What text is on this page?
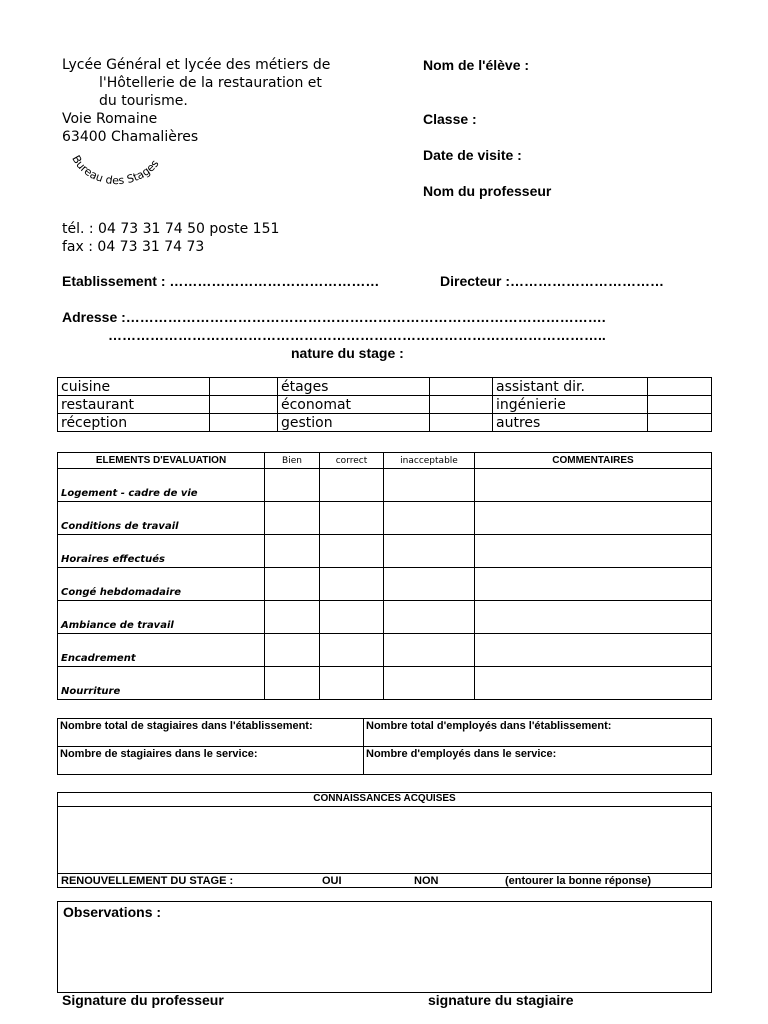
Lycée Général et lycée des métiers de
l'Hôtellerie de la restauration et
du tourisme.
Voie Romaine
63400 Chamalières
Bureau des Stages
tél. : 04 73 31 74 50 poste 151
fax : 04 73 31 74 73
Nom de l'élève :
Classe :
Date de visite :
Nom du professeur
Etablissement : ………………………………………	Directeur :……………………………
Adresse :………………………………………………………………………………………….
……………………………………………………………………………………………..
nature du stage :
cuisine		étages		assistant dir.	
restaurant		économat		ingénierie	
réception		gestion		autres	
ELEMENTS D'EVALUATION	Bien	correct	inacceptable	COMMENTAIRES
Logement - cadre de vie				
Conditions de travail				
Horaires effectués				
Congé hebdomadaire				
Ambiance de travail				
Encadrement				
Nourriture				
Nombre total de stagiaires dans l'établissement:	Nombre total d'employés dans l'établissement:
Nombre de stagiaires dans le service:	Nombre d'employés dans le service:
CONNAISSANCES ACQUISES
RENOUVELLEMENT DU STAGE :	OUI	NON	(entourer la bonne réponse)
Observations :
Signature du professeur	signature du stagiaire
